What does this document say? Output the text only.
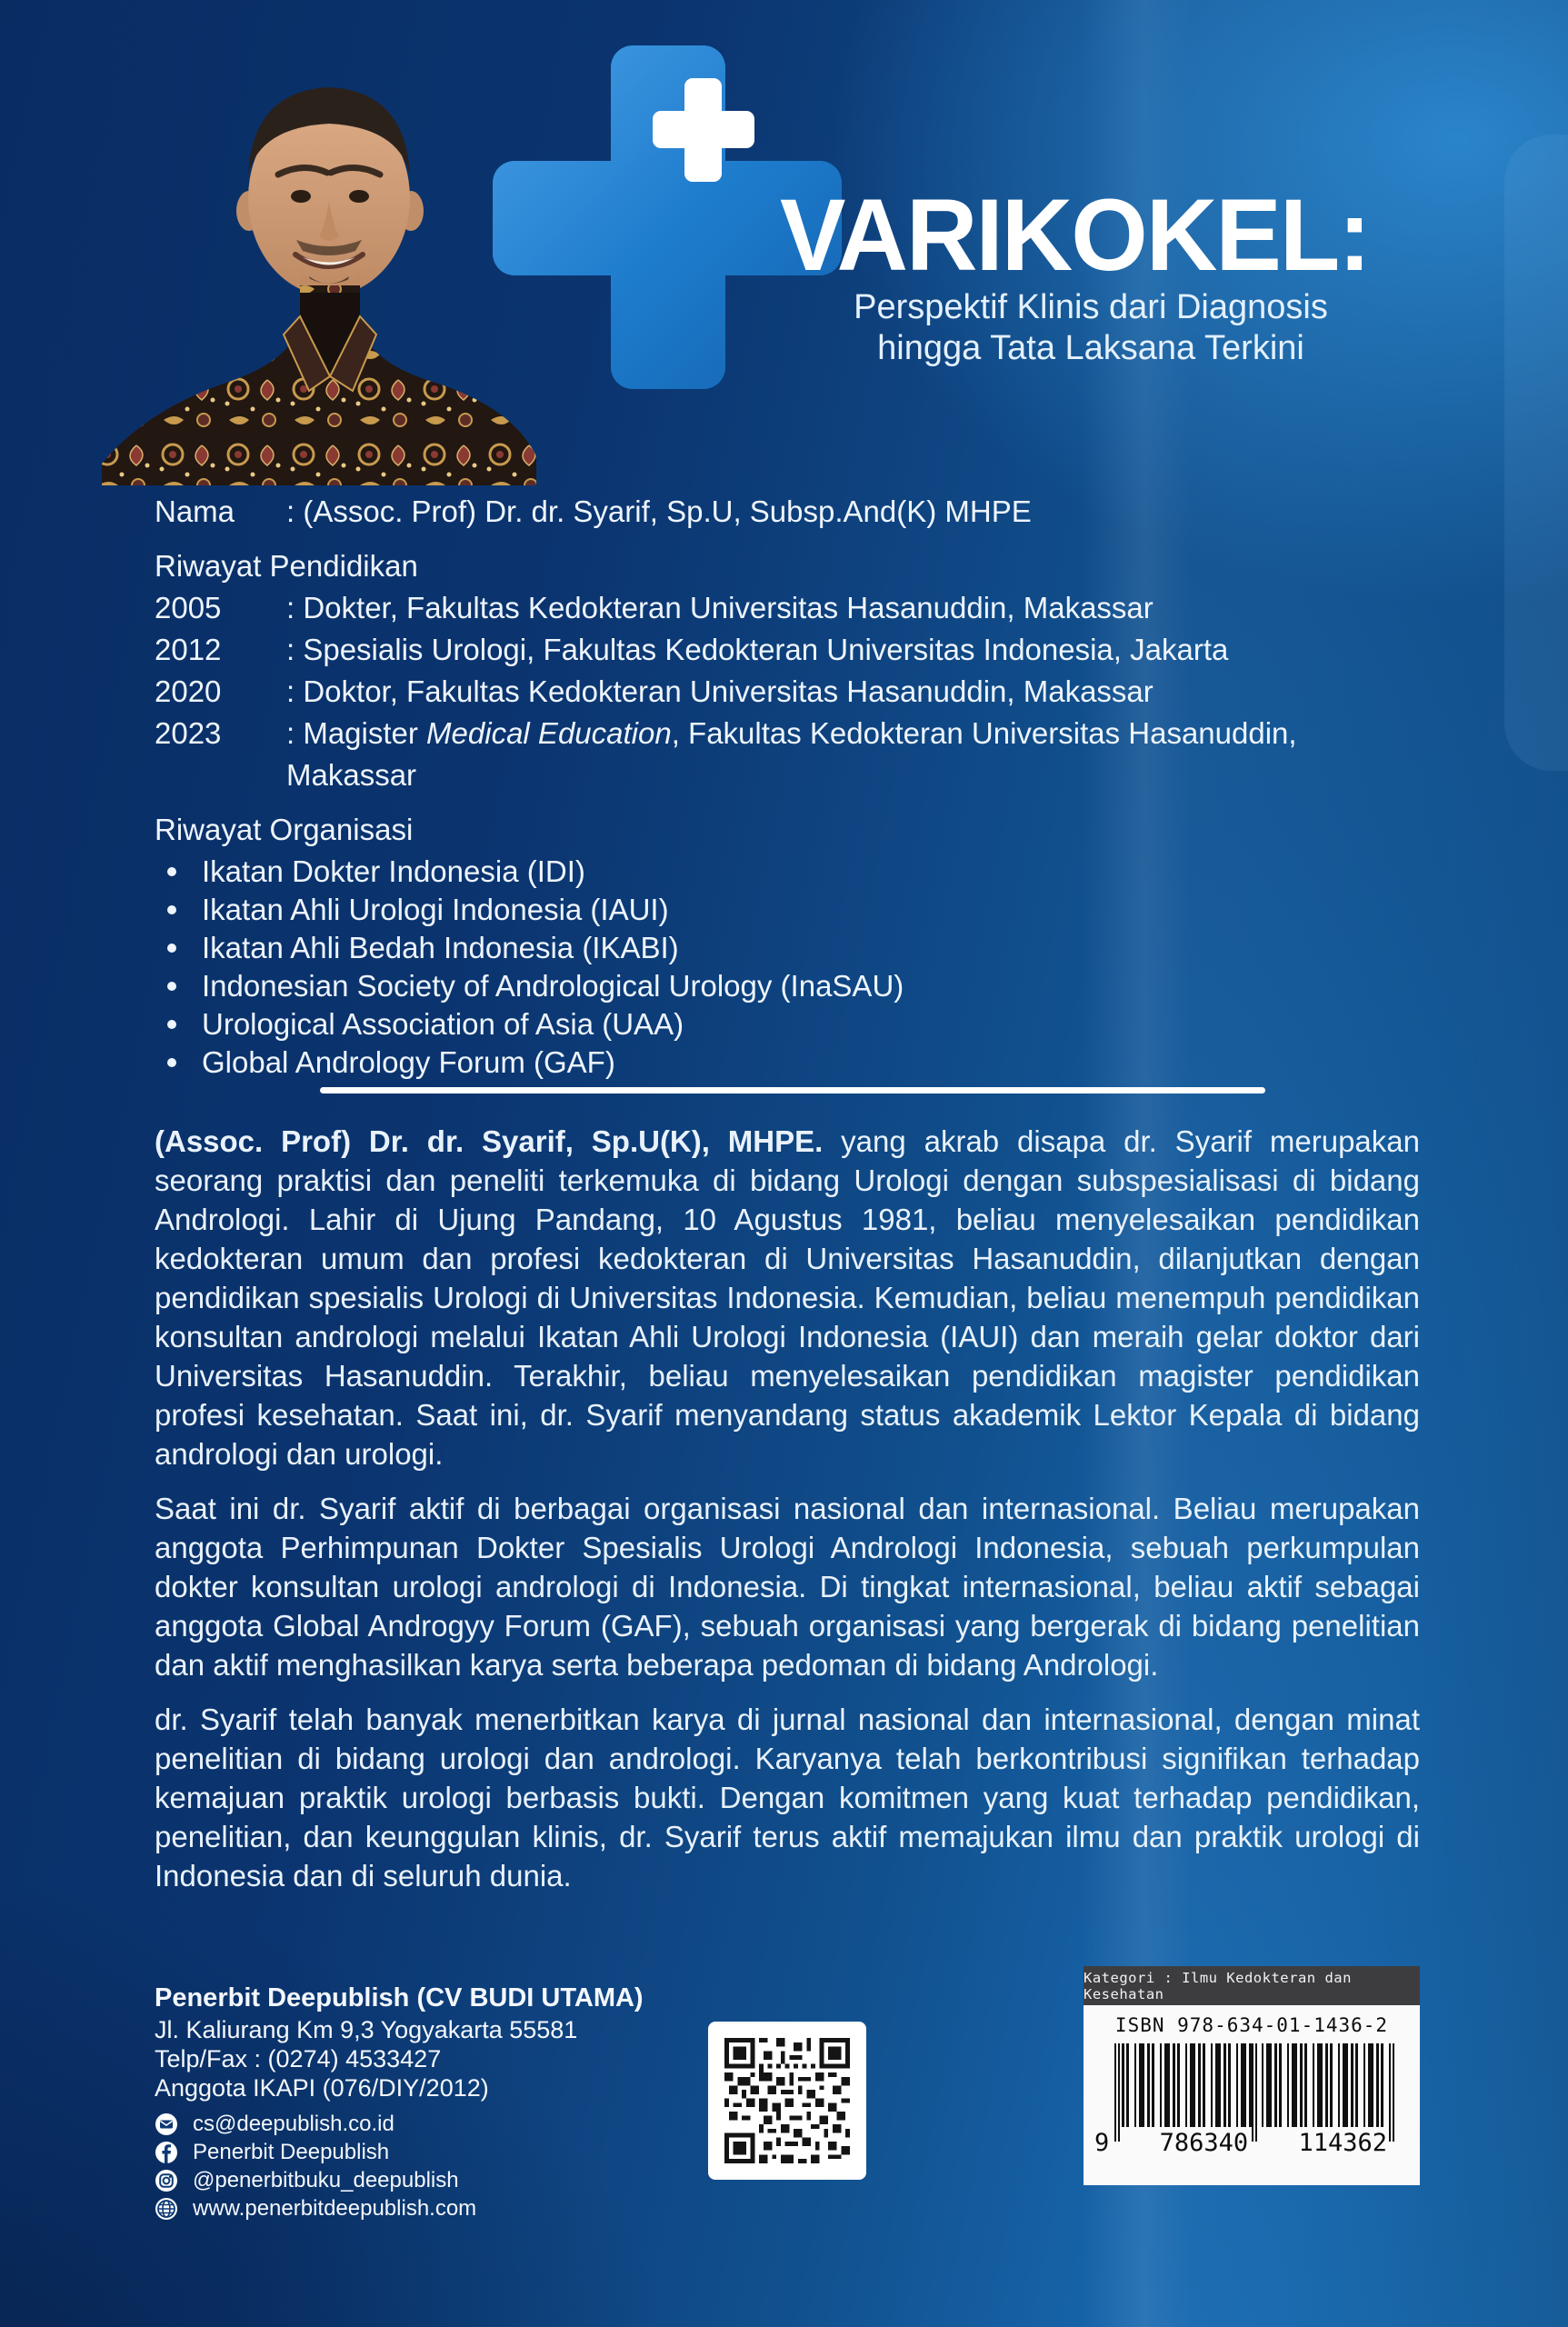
VARIKOKEL:
Perspektif Klinis dari Diagnosis
hingga Tata Laksana Terkini
Nama	: (Assoc. Prof) Dr. dr. Syarif, Sp.U, Subsp.And(K) MHPE
Riwayat Pendidikan
2005	: Dokter, Fakultas Kedokteran Universitas Hasanuddin, Makassar
2012	: Spesialis Urologi, Fakultas Kedokteran Universitas Indonesia, Jakarta
2020	: Doktor, Fakultas Kedokteran Universitas Hasanuddin, Makassar
2023	: Magister Medical Education, Fakultas Kedokteran Universitas Hasanuddin, Makassar
Riwayat Organisasi
Ikatan Dokter Indonesia (IDI)
Ikatan Ahli Urologi Indonesia (IAUI)
Ikatan Ahli Bedah Indonesia (IKABI)
Indonesian Society of Andrological Urology (InaSAU)
Urological Association of Asia (UAA)
Global Andrology Forum (GAF)

(Assoc. Prof) Dr. dr. Syarif, Sp.U(K), MHPE. yang akrab disapa dr. Syarif merupakan seorang praktisi dan peneliti terkemuka di bidang Urologi dengan subspesialisasi di bidang Andrologi. Lahir di Ujung Pandang, 10 Agustus 1981, beliau menyelesaikan pendidikan kedokteran umum dan profesi kedokteran di Universitas Hasanuddin, dilanjutkan dengan pendidikan spesialis Urologi di Universitas Indonesia. Kemudian, beliau menempuh pendidikan konsultan andrologi melalui Ikatan Ahli Urologi Indonesia (IAUI) dan meraih gelar doktor dari Universitas Hasanuddin. Terakhir, beliau menyelesaikan pendidikan magister pendidikan profesi kesehatan. Saat ini, dr. Syarif menyandang status akademik Lektor Kepala di bidang andrologi dan urologi.

Saat ini dr. Syarif aktif di berbagai organisasi nasional dan internasional. Beliau merupakan anggota Perhimpunan Dokter Spesialis Urologi Andrologi Indonesia, sebuah perkumpulan dokter konsultan urologi andrologi di Indonesia. Di tingkat internasional, beliau aktif sebagai anggota Global Androgyy Forum (GAF), sebuah organisasi yang bergerak di bidang penelitian dan aktif menghasilkan karya serta beberapa pedoman di bidang Andrologi.

dr. Syarif telah banyak menerbitkan karya di jurnal nasional dan internasional, dengan minat penelitian di bidang urologi dan andrologi. Karyanya telah berkontribusi signifikan terhadap kemajuan praktik urologi berbasis bukti. Dengan komitmen yang kuat terhadap pendidikan, penelitian, dan keunggulan klinis, dr. Syarif terus aktif memajukan ilmu dan praktik urologi di Indonesia dan di seluruh dunia.

Penerbit Deepublish (CV BUDI UTAMA)
Jl. Kaliurang Km 9,3 Yogyakarta 55581
Telp/Fax : (0274) 4533427
Anggota IKAPI (076/DIY/2012)
cs@deepublish.co.id
Penerbit Deepublish
@penerbitbuku_deepublish
www.penerbitdeepublish.com
Kategori : Ilmu Kedokteran dan Kesehatan
ISBN 978-634-01-1436-2
9 786340 114362
